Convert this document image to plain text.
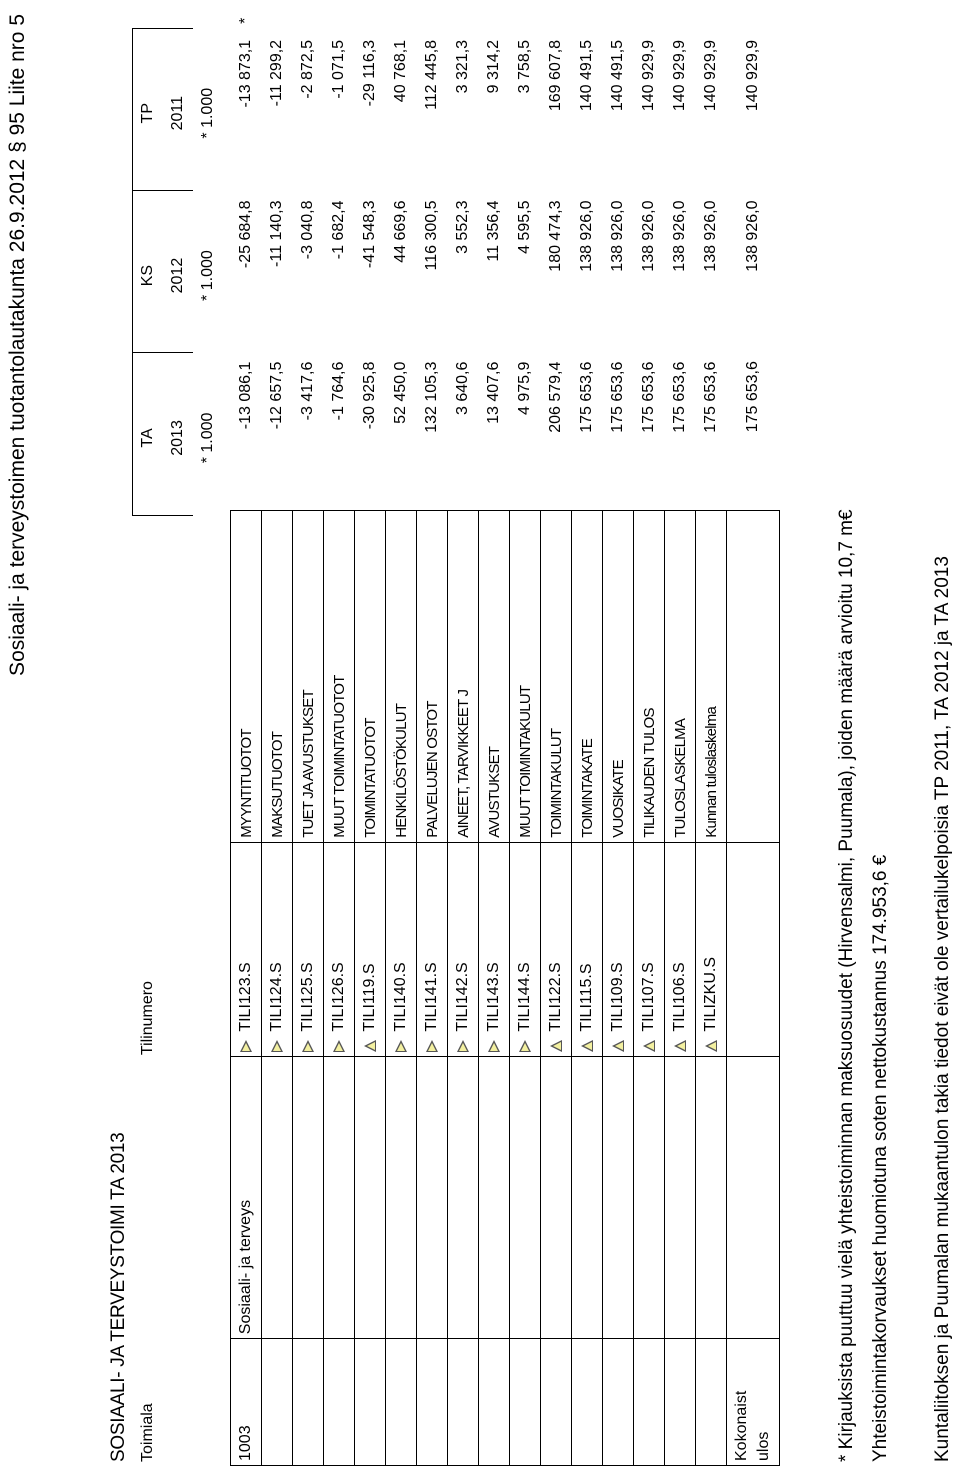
Sosiaali- ja terveystoimen tuotantolautakunta 26.9.2012 § 95 Liite nro 5
SOSIAALI- JA TERVEYSTOIMI TA 2013 Toimiala		Tilinumero		TA	KS	TP	
				2013	2012	2011	
				* 1.000	* 1.000	* 1.000	
1003	Sosiaali- ja terveys	TILI123.S	MYYNTITUOTOT	-13 086,1	-25 684,8	-13 873,1	*
		TILI124.S	MAKSUTUOTOT	-12 657,5	-11 140,3	-11 299,2	
		TILI125.S	TUET JA AVUSTUKSET	-3 417,6	-3 040,8	-2 872,5	
		TILI126.S	MUUT TOIMINTATUOTOT	-1 764,6	-1 682,4	-1 071,5	
		TILI119.S	TOIMINTATUOTOT	-30 925,8	-41 548,3	-29 116,3	
		TILI140.S	HENKILÖSTÖKULUT	52 450,0	44 669,6	40 768,1	
		TILI141.S	PALVELUJEN OSTOT	132 105,3	116 300,5	112 445,8	
		TILI142.S	AINEET, TARVIKKEET J	3 640,6	3 552,3	3 321,3	
		TILI143.S	AVUSTUKSET	13 407,6	11 356,4	9 314,2	
		TILI144.S	MUUT TOIMINTAKULUT	4 975,9	4 595,5	3 758,5	
		TILI122.S	TOIMINTAKULUT	206 579,4	180 474,3	169 607,8	
		TILI115.S	TOIMINTAKATE	175 653,6	138 926,0	140 491,5	
		TILI109.S	VUOSIKATE	175 653,6	138 926,0	140 491,5	
		TILI107.S	TILIKAUDEN TULOS	175 653,6	138 926,0	140 929,9	
		TILI106.S	TULOSLASKELMA	175 653,6	138 926,0	140 929,9	
		TILIZKU.S	Kunnan tuloslaskelma	175 653,6	138 926,0	140 929,9	

Kokonaist ulos				175 653,6	138 926,0	140 929,9	
* Kirjauksista puuttuu vielä yhteistoiminnan maksuosuudet (Hirvensalmi, Puumala), joiden määrä arvioitu 10,7 m€ Yhteistoimintakorvaukset huomiotuna soten nettokustannus 174.953,6 € Kuntaliitoksen ja Puumalan mukaantulon takia tiedot eivät ole vertailukelpoisia TP 2011, TA 2012 ja TA 2013
